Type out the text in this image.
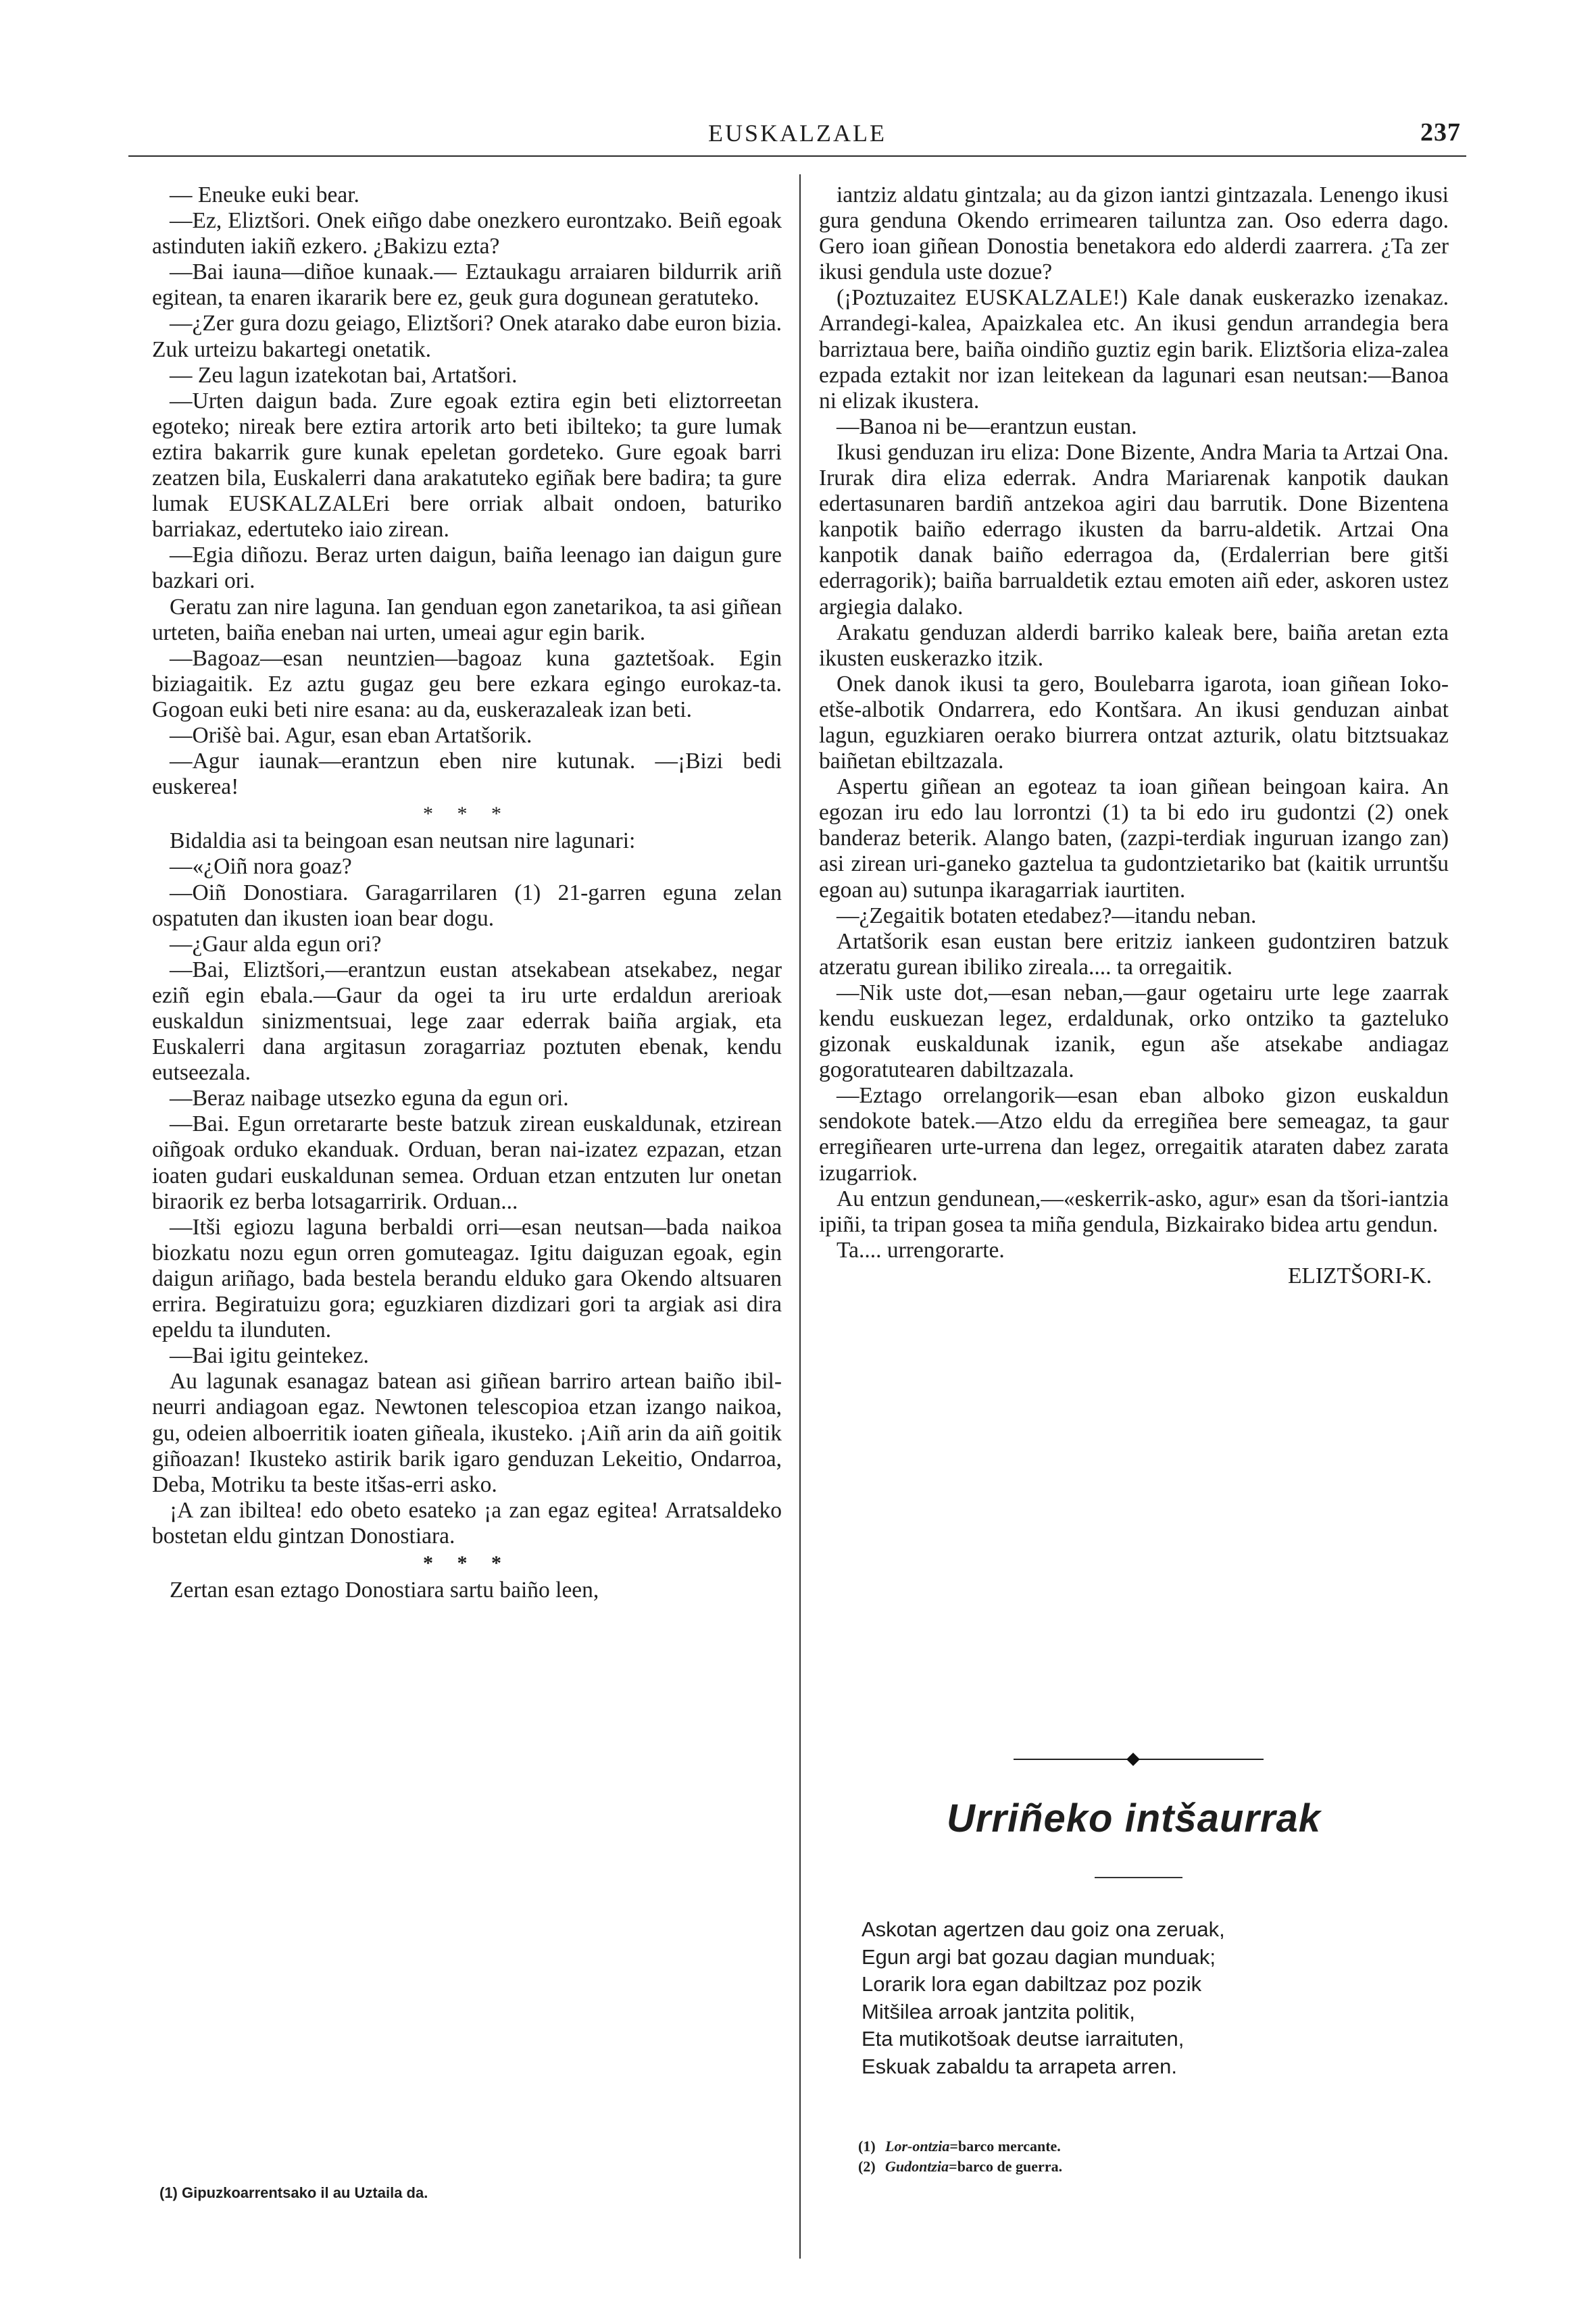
EUSKALZALE	237

— Eneuke euki bear.

—Ez, Eliztšori. Onek eiñgo dabe onezkero eurontzako. Beiñ egoak astinduten iakiñ ezkero. ¿Bakizu ezta?

—Bai iauna—diñoe kunaak.— Eztaukagu arraiaren bildurrik ariñ egitean, ta enaren ikararik bere ez, geuk gura dogunean geratuteko.

—¿Zer gura dozu geiago, Eliztšori? Onek atarako dabe euron bizia. Zuk urteizu bakartegi onetatik.

— Zeu lagun izatekotan bai, Artatšori.

—Urten daigun bada. Zure egoak eztira egin beti eliztorreetan egoteko; nireak bere eztira artorik arto beti ibilteko; ta gure lumak eztira bakarrik gure kunak epeletan gordeteko. Gure egoak barri zeatzen bila, Euskalerri dana arakatuteko egiñak bere badira; ta gure lumak EUSKALZALEri bere orriak albait ondoen, baturiko barriakaz, edertuteko iaio zirean.

—Egia diñozu. Beraz urten daigun, baiña leenago ian daigun gure bazkari ori.

Geratu zan nire laguna. Ian genduan egon zanetarikoa, ta asi giñean urteten, baiña eneban nai urten, umeai agur egin barik.

—Bagoaz—esan neuntzien—bagoaz kuna gaztetšoak. Egin biziagaitik. Ez aztu gugaz geu bere ezkara egingo eurokaz-ta. Gogoan euki beti nire esana: au da, euskerazaleak izan beti.

—Orišè bai. Agur, esan eban Artatšorik.

—Agur iaunak—erantzun eben nire kutunak. —¡Bizi bedi euskerea!

* * *

Bidaldia asi ta beingoan esan neutsan nire lagunari:

—«¿Oiñ nora goaz?

—Oiñ Donostiara. Garagarrilaren (1) 21-garren eguna zelan ospatuten dan ikusten ioan bear dogu.

—¿Gaur alda egun ori?

—Bai, Eliztšori,—erantzun eustan atsekabean atsekabez, negar eziñ egin ebala.—Gaur da ogei ta iru urte erdaldun arerioak euskaldun sinizmentsuai, lege zaar ederrak baiña argiak, eta Euskalerri dana argitasun zoragarriaz poztuten ebenak, kendu eutseezala.

—Beraz naibage utsezko eguna da egun ori.

—Bai. Egun orretararte beste batzuk zirean euskaldunak, etzirean oiñgoak orduko ekanduak. Orduan, beran nai-izatez ezpazan, etzan ioaten gudari euskaldunan semea. Orduan etzan entzuten lur onetan biraorik ez berba lotsagarririk. Orduan...

—Itši egiozu laguna berbaldi orri—esan neutsan—bada naikoa biozkatu nozu egun orren gomuteagaz. Igitu daiguzan egoak, egin daigun ariñago, bada bestela berandu elduko gara Okendo altsuaren errira. Begiratuizu gora; eguzkiaren dizdizari gori ta argiak asi dira epeldu ta ilunduten.

—Bai igitu geintekez.

Au lagunak esanagaz batean asi giñean barriro artean baiño ibil-neurri andiagoan egaz. Newtonen telescopioa etzan izango naikoa, gu, odeien alboerritik ioaten giñeala, ikusteko. ¡Aiñ arin da aiñ goitik giñoazan! Ikusteko astirik barik igaro genduzan Lekeitio, Ondarroa, Deba, Motriku ta beste itšas-erri asko.

¡A zan ibiltea! edo obeto esateko ¡a zan egaz egitea! Arratsaldeko bostetan eldu gintzan Donostiara.

* * *

Zertan esan eztago Donostiara sartu baiño leen,

iantziz aldatu gintzala; au da gizon iantzi gintzazala. Lenengo ikusi gura genduna Okendo errimearen tailuntza zan. Oso ederra dago. Gero ioan giñean Donostia benetakora edo alderdi zaarrera. ¿Ta zer ikusi gendula uste dozue?

(¡Poztuzaitez EUSKALZALE!) Kale danak euskerazko izenakaz. Arrandegi-kalea, Apaizkalea etc. An ikusi gendun arrandegia bera barriztaua bere, baiña oindiño guztiz egin barik. Eliztšoria eliza-zalea ezpada eztakit nor izan leitekean da lagunari esan neutsan:—Banoa ni elizak ikustera.

—Banoa ni be—erantzun eustan.

Ikusi genduzan iru eliza: Done Bizente, Andra Maria ta Artzai Ona. Irurak dira eliza ederrak. Andra Mariarenak kanpotik daukan edertasunaren bardiñ antzekoa agiri dau barrutik. Done Bizentena kanpotik baiño ederrago ikusten da barru-aldetik. Artzai Ona kanpotik danak baiño ederragoa da, (Erdalerrian bere gitši ederragorik); baiña barrualdetik eztau emoten aiñ eder, askoren ustez argiegia dalako.

Arakatu genduzan alderdi barriko kaleak bere, baiña aretan ezta ikusten euskerazko itzik.

Onek danok ikusi ta gero, Boulebarra igarota, ioan giñean Ioko-etše-albotik Ondarrera, edo Kontšara. An ikusi genduzan ainbat lagun, eguzkiaren oerako biurrera ontzat azturik, olatu bitztsuakaz baiñetan ebiltzazala.

Aspertu giñean an egoteaz ta ioan giñean beingoan kaira. An egozan iru edo lau lorrontzi (1) ta bi edo iru gudontzi (2) onek banderaz beterik. Alango baten, (zazpi-terdiak inguruan izango zan) asi zirean uri-ganeko gaztelua ta gudontzietariko bat (kaitik urruntšu egoan au) sutunpa ikaragarriak iaurtiten.

—¿Zegaitik botaten etedabez?—itandu neban.

Artatšorik esan eustan bere eritziz iankeen gudontziren batzuk atzeratu gurean ibiliko zireala.... ta orregaitik.

—Nik uste dot,—esan neban,—gaur ogetairu urte lege zaarrak kendu euskuezan legez, erdaldunak, orko ontziko ta gazteluko gizonak euskaldunak izanik, egun aše atsekabe andiagaz gogoratutearen dabiltzazala.

—Eztago orrelangorik—esan eban alboko gizon euskaldun sendokote batek.—Atzo eldu da erregiñea bere semeagaz, ta gaur erregiñearen urte-urrena dan legez, orregaitik ataraten dabez zarata izugarriok.

Au entzun gendunean,—«eskerrik-asko, agur» esan da tšori-iantzia ipiñi, ta tripan gosea ta miña gendula, Bizkairako bidea artu gendun.

Ta.... urrengorarte.

ELIZTŠORI-K.

Urriñeko intšaurrak
Askotan agertzen dau goiz ona zeruak,
Egun argi bat gozau dagian munduak;
Lorarik lora egan dabiltzaz poz pozik
Mitšilea arroak jantzita politik,
Eta mutikotšoak deutse iarraituten,
Eskuak zabaldu ta arrapeta arren.
(1) Gipuzkoarrentsako il au Uztaila da.
(1) Lor-ontzia=barco mercante.
(2) Gudontzia=barco de guerra.
